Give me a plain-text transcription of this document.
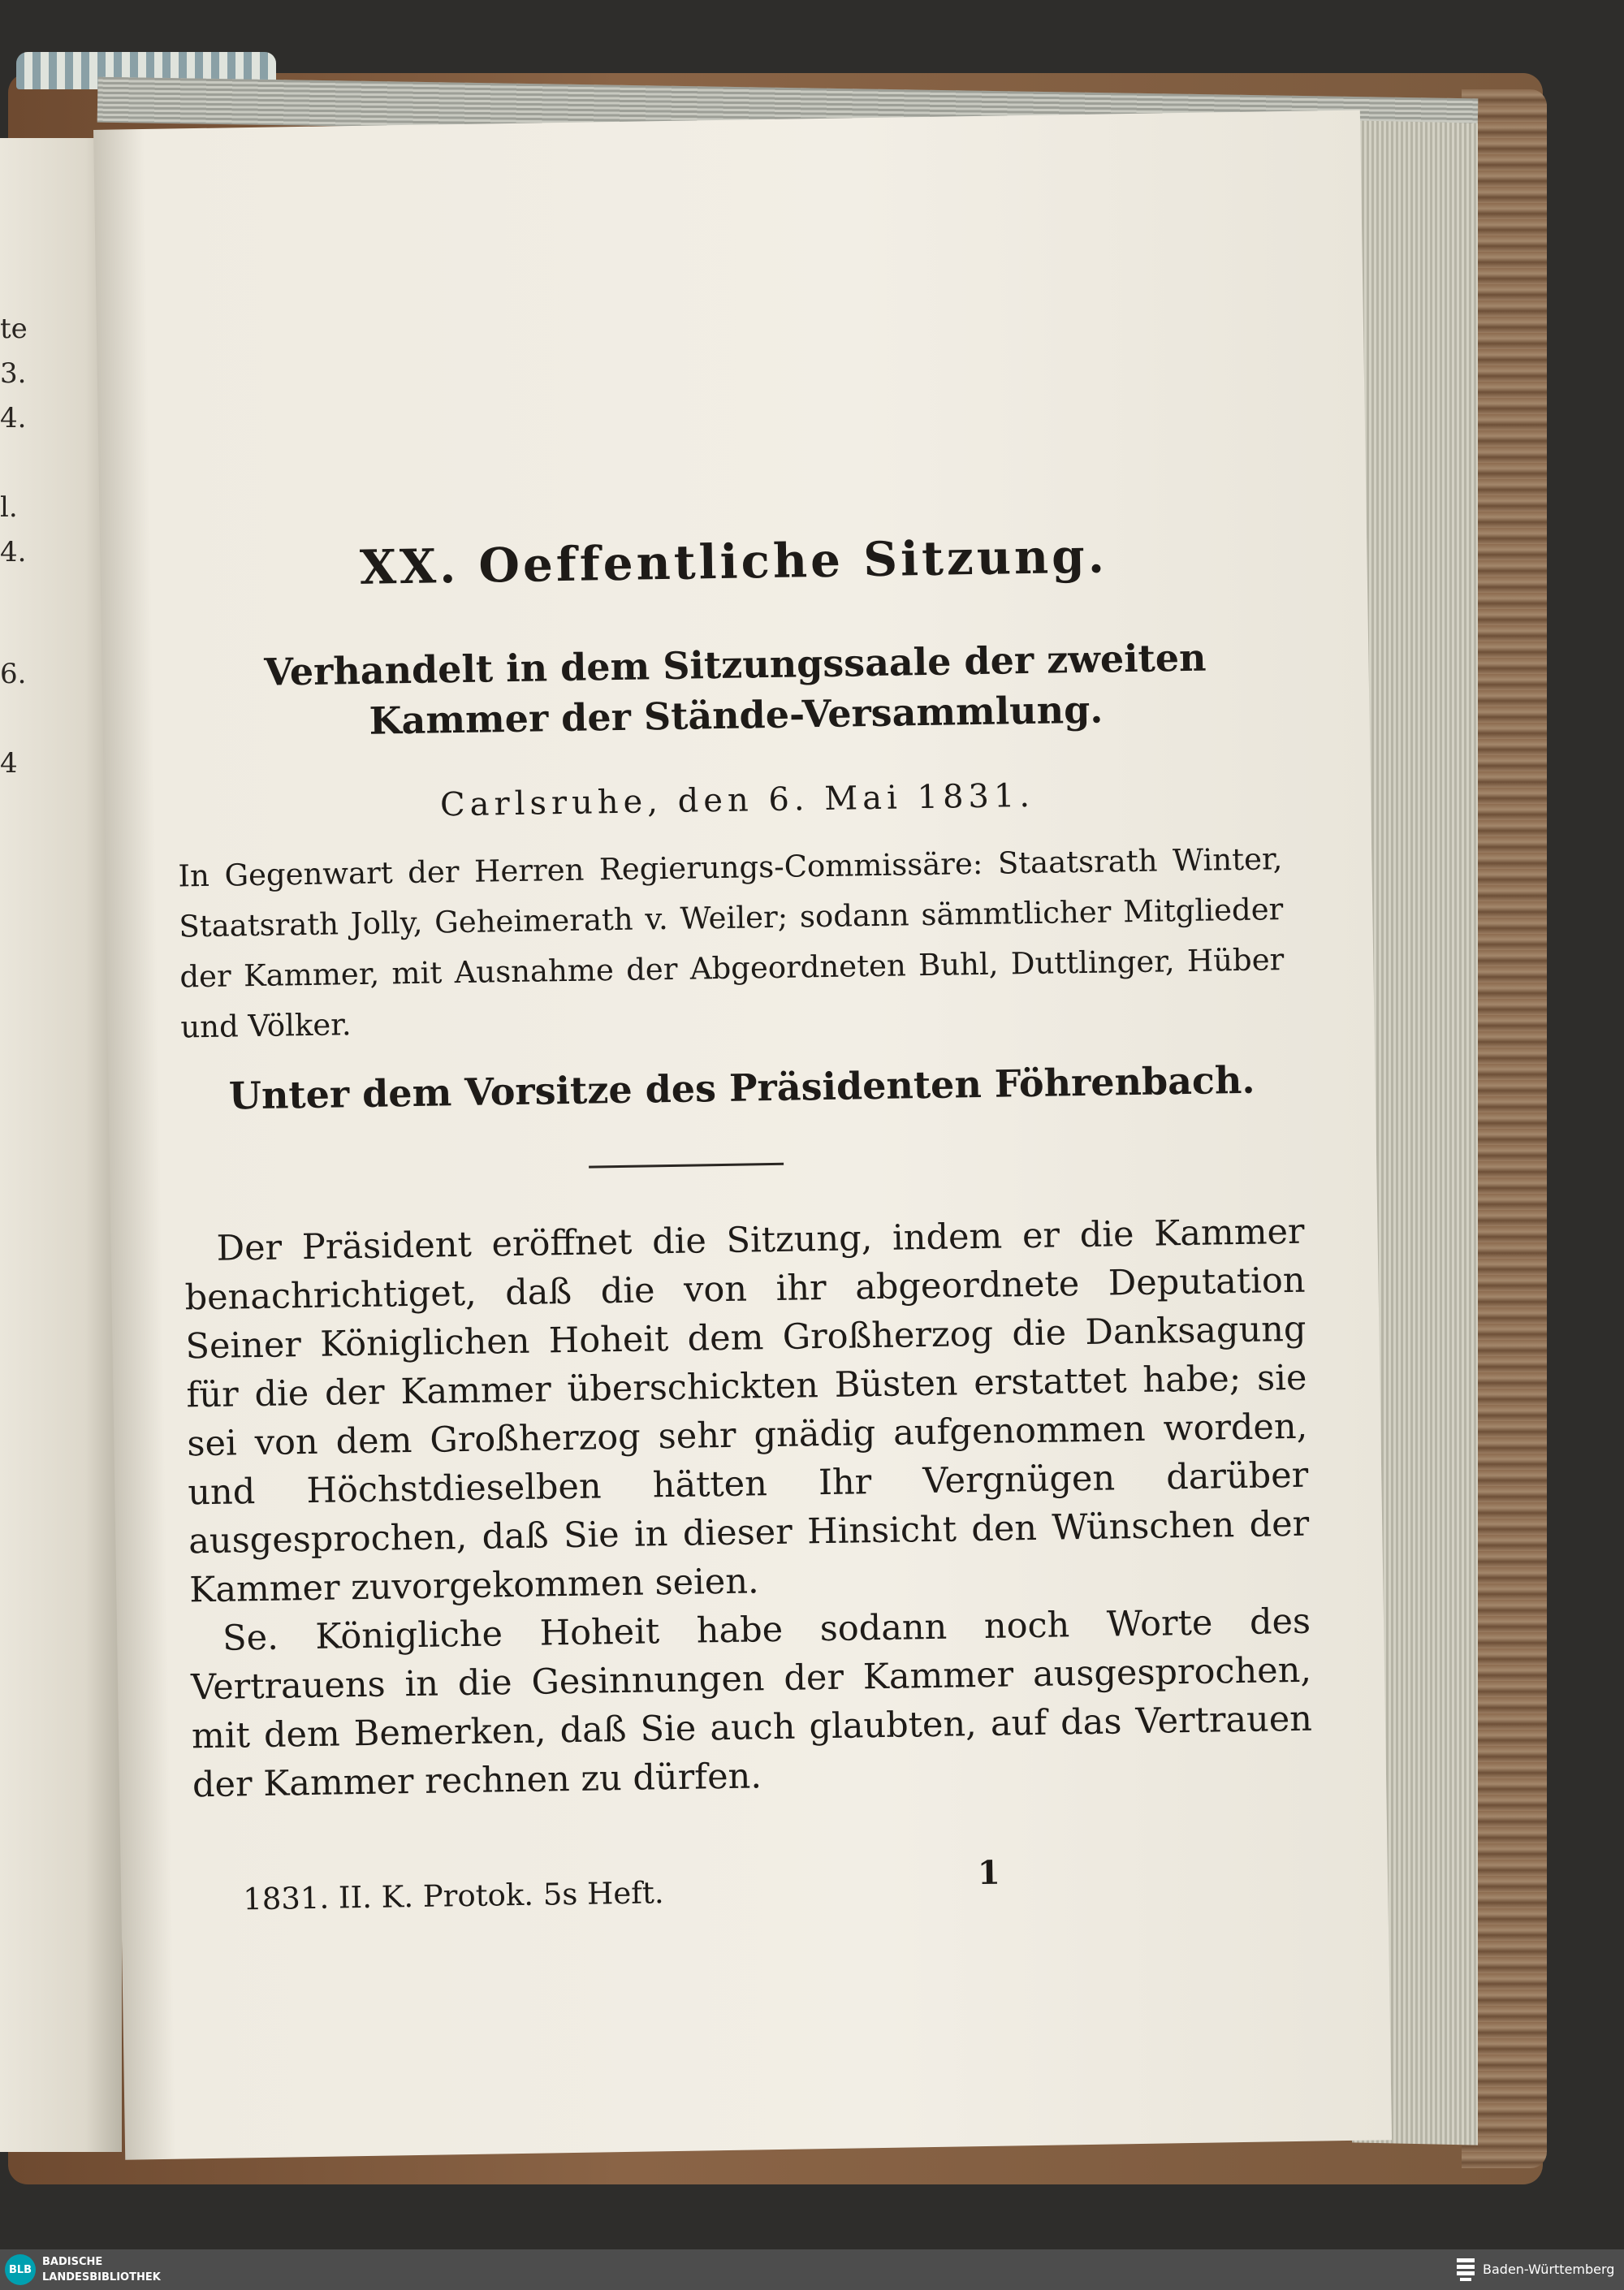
te
3.
4.
l.
4.
6.
4
XX. Oeffentliche Sitzung.
Verhandelt in dem Sitzungssaale der zweiten Kammer der Stände-Versammlung.
Carlsruhe, den 6. Mai 1831.
In Gegenwart der Herren Regierungs-Commissäre: Staatsrath Winter, Staatsrath Jolly, Geheimerath v. Weiler; sodann sämmtlicher Mitglieder der Kammer, mit Ausnahme der Abgeordneten Buhl, Duttlinger, Hüber und Völker.
Unter dem Vorsitze des Präsidenten Föhrenbach.

Der Präsident eröffnet die Sitzung, indem er die Kammer benachrichtiget, daß die von ihr abgeordnete Deputation Seiner Königlichen Hoheit dem Großherzog die Danksagung für die der Kammer überschickten Büsten erstattet habe; sie sei von dem Großherzog sehr gnädig aufgenommen worden, und Höchstdieselben hätten Ihr Vergnügen darüber ausgesprochen, daß Sie in dieser Hinsicht den Wünschen der Kammer zuvorgekommen seien.

Se. Königliche Hoheit habe sodann noch Worte des Vertrauens in die Gesinnungen der Kammer ausgesprochen, mit dem Bemerken, daß Sie auch glaubten, auf das Vertrauen der Kammer rechnen zu dürfen.

1
1831. II. K. Protok. 5s Heft.
BLB
BADISCHE
LANDESBIBLIOTHEK
Baden-Württemberg
